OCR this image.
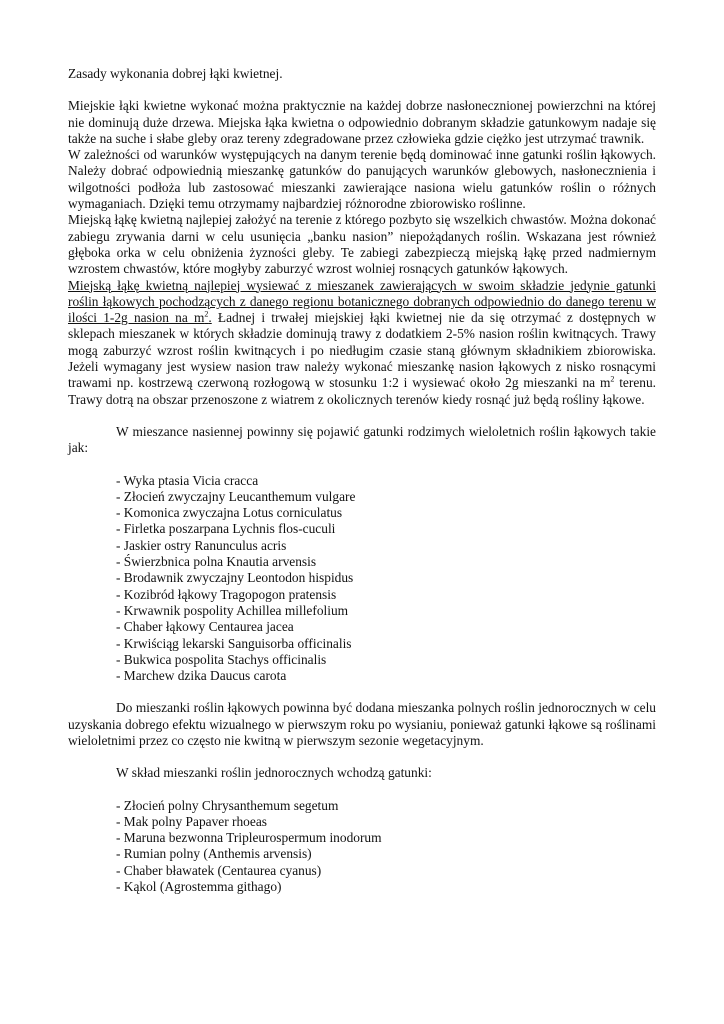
Zasady wykonania dobrej łąki kwietnej.

Miejskie łąki kwietne wykonać można praktycznie na każdej dobrze nasłonecznionej powierzchni na której nie dominują duże drzewa. Miejska łąka kwietna o odpowiednio dobranym składzie gatunkowym nadaje się także na suche i słabe gleby oraz tereny zdegradowane przez człowieka gdzie ciężko jest utrzymać trawnik.

W zależności od warunków występujących na danym terenie będą dominować inne gatunki roślin łąkowych. Należy dobrać odpowiednią mieszankę gatunków do panujących warunków glebowych, nasłonecznienia i wilgotności podłoża lub zastosować mieszanki zawierające nasiona wielu gatunków roślin o różnych wymaganiach. Dzięki temu otrzymamy najbardziej różnorodne zbiorowisko roślinne.

Miejską łąkę kwietną najlepiej założyć na terenie z którego pozbyto się wszelkich chwastów. Można dokonać zabiegu zrywania darni w celu usunięcia „banku nasion” niepożądanych roślin. Wskazana jest również głęboka orka w celu obniżenia żyzności gleby. Te zabiegi zabezpieczą miejską łąkę przed nadmiernym wzrostem chwastów, które mogłyby zaburzyć wzrost wolniej rosnących gatunków łąkowych.

Miejską łąkę kwietną najlepiej wysiewać z mieszanek zawierających w swoim składzie jedynie gatunki roślin łąkowych pochodzących z danego regionu botanicznego dobranych odpowiednio do danego terenu w ilości 1-2g nasion na $m^2$. Ładnej i trwałej miejskiej łąki kwietnej nie da się otrzymać z dostępnych w sklepach mieszanek w których składzie dominują trawy z dodatkiem 2-5% nasion roślin kwitnących. Trawy mogą zaburzyć wzrost roślin kwitnących i po niedługim czasie staną głównym składnikiem zbiorowiska. Jeżeli wymagany jest wysiew nasion traw należy wykonać mieszankę nasion łąkowych z nisko rosnącymi trawami np. kostrzewą czerwoną rozłogową w stosunku 1:2 i wysiewać około 2g mieszanki na $m^2$ terenu. Trawy dotrą na obszar przenoszone z wiatrem z okolicznych terenów kiedy rosnąć już będą rośliny łąkowe.

W mieszance nasiennej powinny się pojawić gatunki rodzimych wieloletnich roślin łąkowych takie jak:

- Wyka ptasia Vicia cracca
- Złocień zwyczajny Leucanthemum vulgare
- Komonica zwyczajna Lotus corniculatus
- Firletka poszarpana Lychnis flos-cuculi
- Jaskier ostry Ranunculus acris
- Świerzbnica polna Knautia arvensis
- Brodawnik zwyczajny Leontodon hispidus
- Kozibród łąkowy Tragopogon pratensis
- Krwawnik pospolity Achillea millefolium
- Chaber łąkowy Centaurea jacea
- Krwiściąg lekarski Sanguisorba officinalis
- Bukwica pospolita Stachys officinalis
- Marchew dzika Daucus carota

Do mieszanki roślin łąkowych powinna być dodana mieszanka polnych roślin jednorocznych w celu uzyskania dobrego efektu wizualnego w pierwszym roku po wysianiu, ponieważ gatunki łąkowe są roślinami wieloletnimi przez co często nie kwitną w pierwszym sezonie wegetacyjnym.

W skład mieszanki roślin jednorocznych wchodzą gatunki:

- Złocień polny Chrysanthemum segetum
- Mak polny Papaver rhoeas
- Maruna bezwonna Tripleurospermum inodorum
- Rumian polny (Anthemis arvensis)
- Chaber bławatek (Centaurea cyanus)
- Kąkol (Agrostemma githago)
